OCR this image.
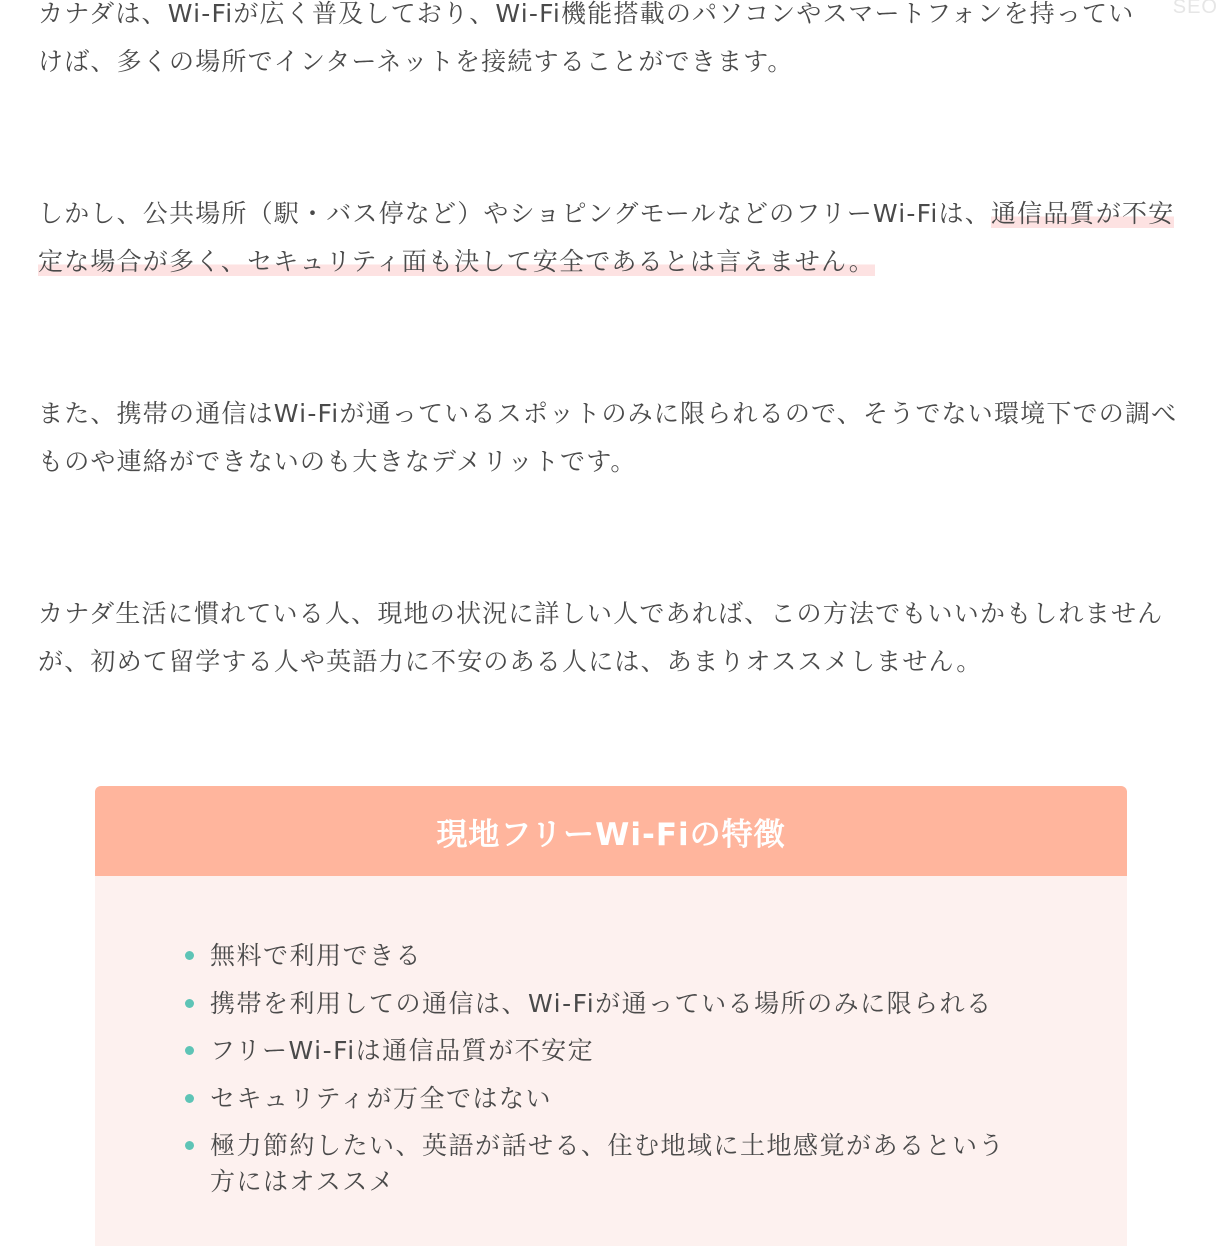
SEO

カナダは、Wi-Fiが広く普及しており、Wi-Fi機能搭載のパソコンやスマートフォンを持ってい
けば、多くの場所でインターネットを接続することができます。

しかし、公共場所（駅・バス停など）やショピングモールなどのフリーWi-Fiは、通信品質が不安定な場合が多く、セキュリティ面も決して安全であるとは言えません。

また、携帯の通信はWi-Fiが通っているスポットのみに限られるので、そうでない環境下での調べものや連絡ができないのも大きなデメリットです。

カナダ生活に慣れている人、現地の状況に詳しい人であれば、この方法でもいいかもしれませんが、初めて留学する人や英語力に不安のある人には、あまりオススメしません。

現地フリーWi-Fiの特徴
無料で利用できる
携帯を利用しての通信は、Wi-Fiが通っている場所のみに限られる
フリーWi-Fiは通信品質が不安定
セキュリティが万全ではない
極力節約したい、英語が話せる、住む地域に土地感覚があるという
方にはオススメ
